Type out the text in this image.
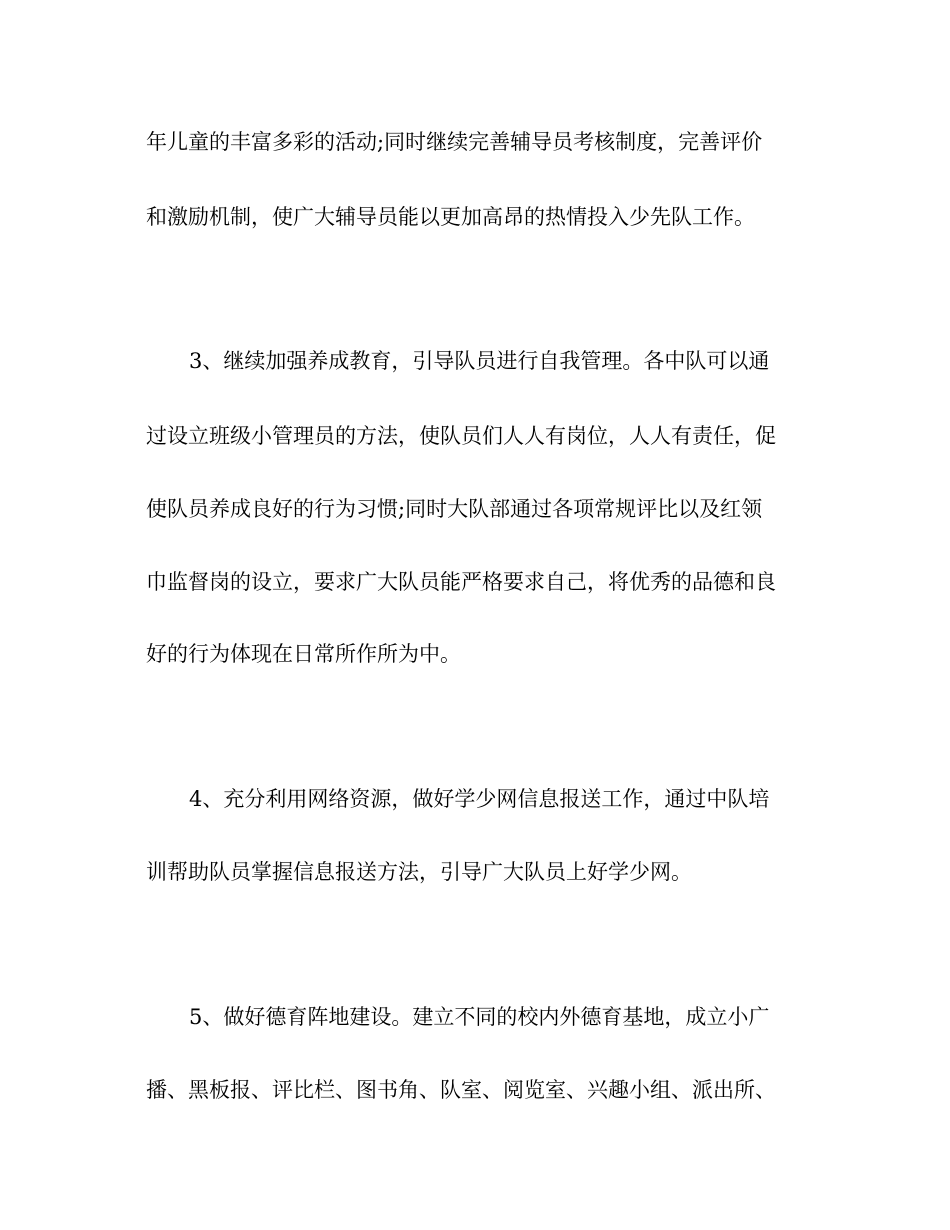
年儿童的丰富多彩的活动;同时继续完善辅导员考核制度，完善评价
和激励机制，使广大辅导员能以更加高昂的热情投入少先队工作。
3、继续加强养成教育，引导队员进行自我管理。各中队可以通
过设立班级小管理员的方法，使队员们人人有岗位，人人有责任，促
使队员养成良好的行为习惯;同时大队部通过各项常规评比以及红领
巾监督岗的设立，要求广大队员能严格要求自己，将优秀的品德和良
好的行为体现在日常所作所为中。
4、充分利用网络资源，做好学少网信息报送工作，通过中队培
训帮助队员掌握信息报送方法，引导广大队员上好学少网。
5、做好德育阵地建设。建立不同的校内外德育基地，成立小广
播、黑板报、评比栏、图书角、队室、阅览室、兴趣小组、派出所、
